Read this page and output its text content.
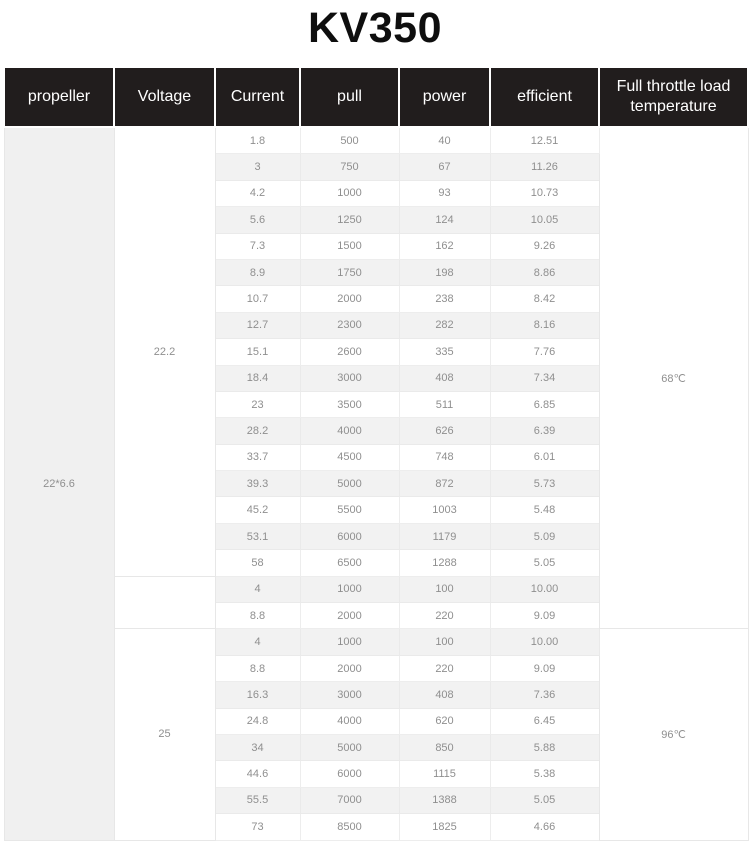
KV350
propeller	Voltage	Current	pull	power	efficient	Full throttle load temperature
22*6.6	22.2	1.8	500	40	12.51	68℃
		3	750	67	11.26	
		4.2	1000	93	10.73	
		5.6	1250	124	10.05	
		7.3	1500	162	9.26	
		8.9	1750	198	8.86	
		10.7	2000	238	8.42	
		12.7	2300	282	8.16	
		15.1	2600	335	7.76	
		18.4	3000	408	7.34	
		23	3500	511	6.85	
		28.2	4000	626	6.39	
		33.7	4500	748	6.01	
		39.3	5000	872	5.73	
		45.2	5500	1003	5.48	
		53.1	6000	1179	5.09	
		58	6500	1288	5.05	
		4	1000	100	10.00	
		8.8	2000	220	9.09	
	25	4	1000	100	10.00	96℃
		8.8	2000	220	9.09	
		16.3	3000	408	7.36	
		24.8	4000	620	6.45	
		34	5000	850	5.88	
		44.6	6000	1115	5.38	
		55.5	7000	1388	5.05	
		73	8500	1825	4.66	
